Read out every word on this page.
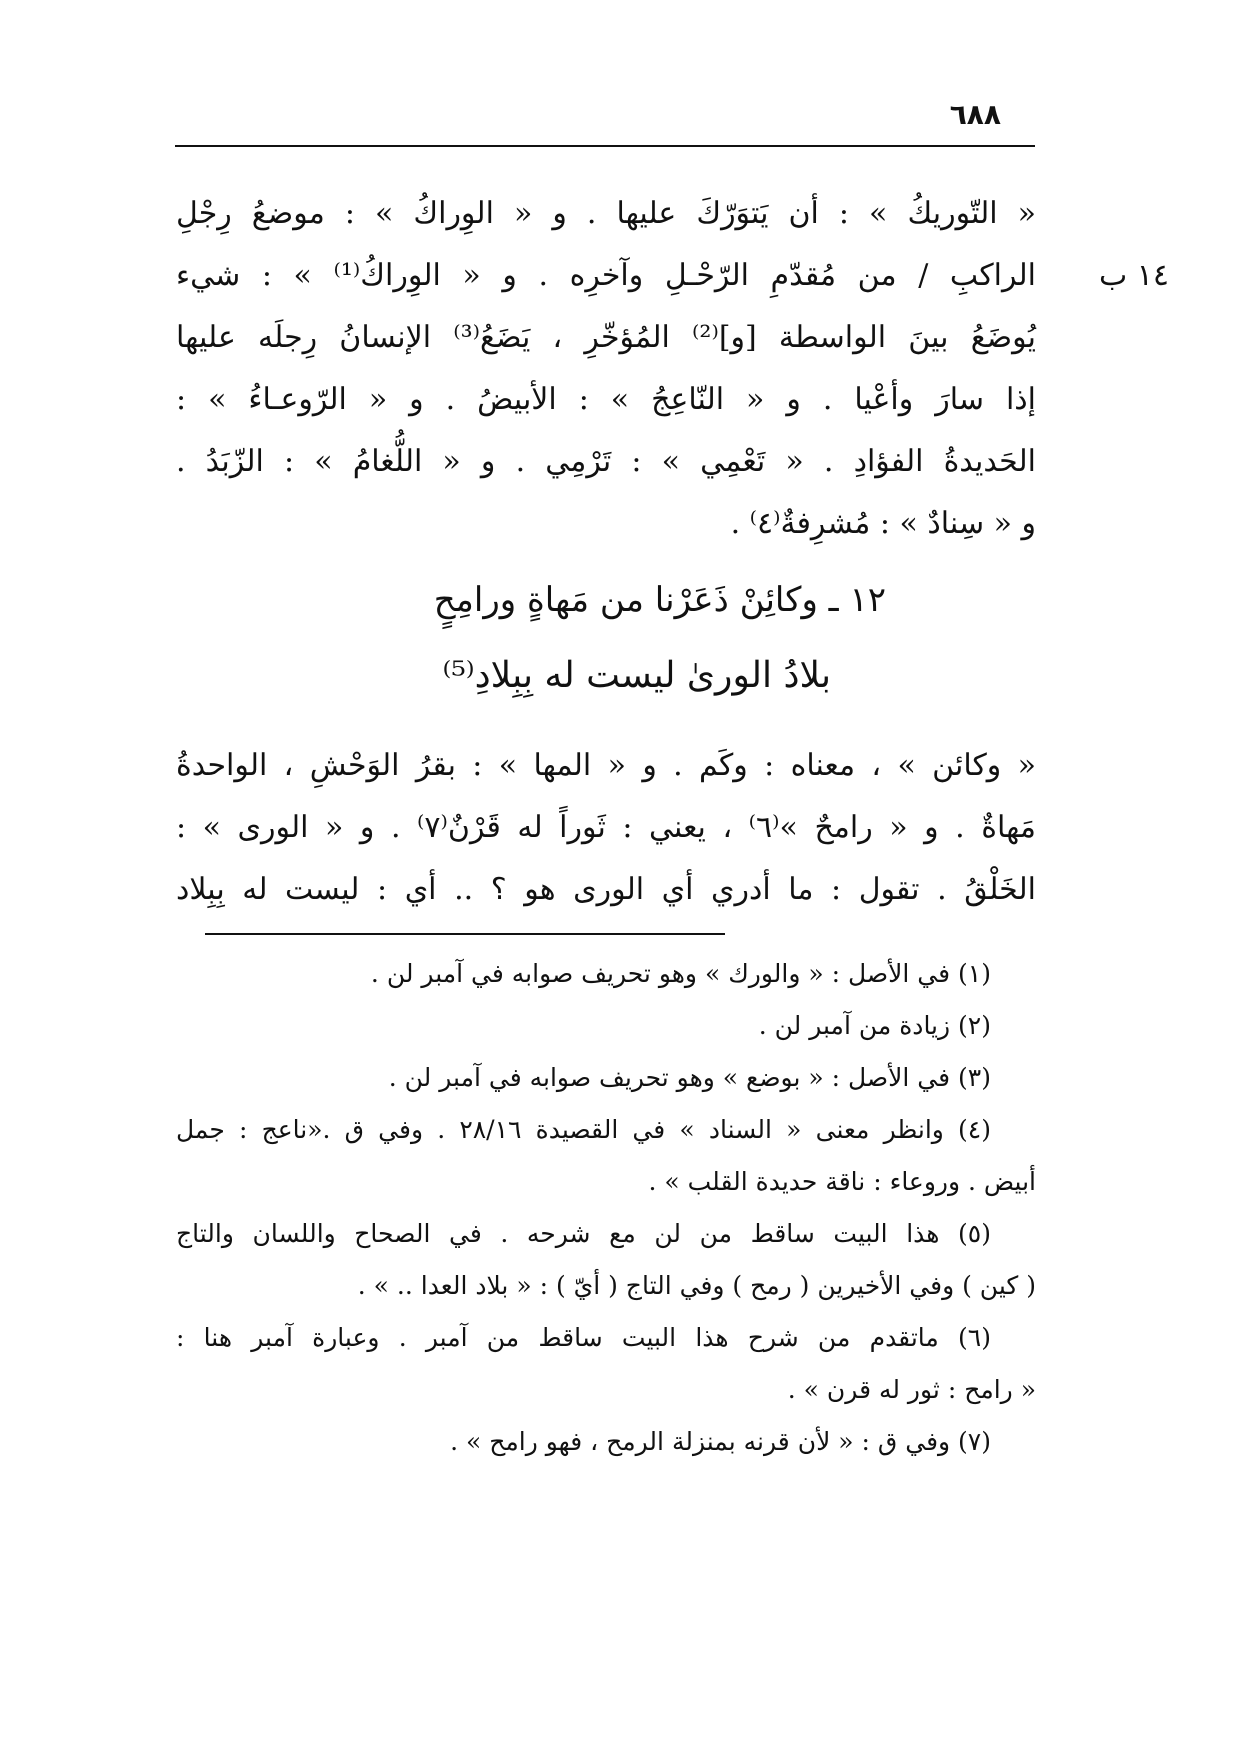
٦٨٨
١٤ ب
« التّوريكُ » : أن يَتوَرّكَ عليها . و « الوِراكُ » : موضعُ رِجْلِ
الراكبِ / من مُقدّمِ الرّحْـلِ وآخرِه . و « الوِراكُ⁽¹⁾ » : شيء
يُوضَعُ بينَ الواسطة [و]⁽²⁾ المُؤخّرِ ، يَضَعُ⁽³⁾ الإنسانُ رِجلَه عليها
إذا سارَ وأعْيا . و « النّاعِجُ » : الأبيضُ . و « الرّوعـاءُ » :
الحَديدةُ الفؤادِ . « تَعْمِي » : تَرْمِي . و « اللُّغامُ » : الزّبَدُ .
و « سِنادٌ » : مُشرِفةٌ⁽٤⁾ .
١٢ ـ وكائِنْ ذَعَرْنا من مَهاةٍ ورامِحٍ
بلادُ الورىٰ ليست له بِبِلادِ⁽⁵⁾
« وكائن » ، معناه : وكَم . و « المها » : بقرُ الوَحْشِ ، الواحدةُ
مَهاةٌ . و « رامحٌ »⁽٦⁾ ، يعني : ثَوراً له قَرْنٌ⁽٧⁾ . و « الورى » :
الخَلْقُ . تقول : ما أدري أي الورى هو ؟ .. أي : ليست له بِبِلاد
(١) في الأصل : « والورك » وهو تحريف صوابه في آمبر لن .
(٢) زيادة من آمبر لن .
(٣) في الأصل : « بوضع » وهو تحريف صوابه في آمبر لن .
(٤) وانظر معنى « السناد » في القصيدة ٢٨/١٦ . وفي ق .«ناعج : جمل
أبيض . وروعاء : ناقة حديدة القلب » .
(٥) هذا البيت ساقط من لن مع شرحه . في الصحاح واللسان والتاج
( كين ) وفي الأخيرين ( رمح ) وفي التاج ( أيّ ) : « بلاد العدا .. » .
(٦) ماتقدم من شرح هذا البيت ساقط من آمبر . وعبارة آمبر هنا :
« رامح : ثور له قرن » .
(٧) وفي ق : « لأن قرنه بمنزلة الرمح ، فهو رامح » .
